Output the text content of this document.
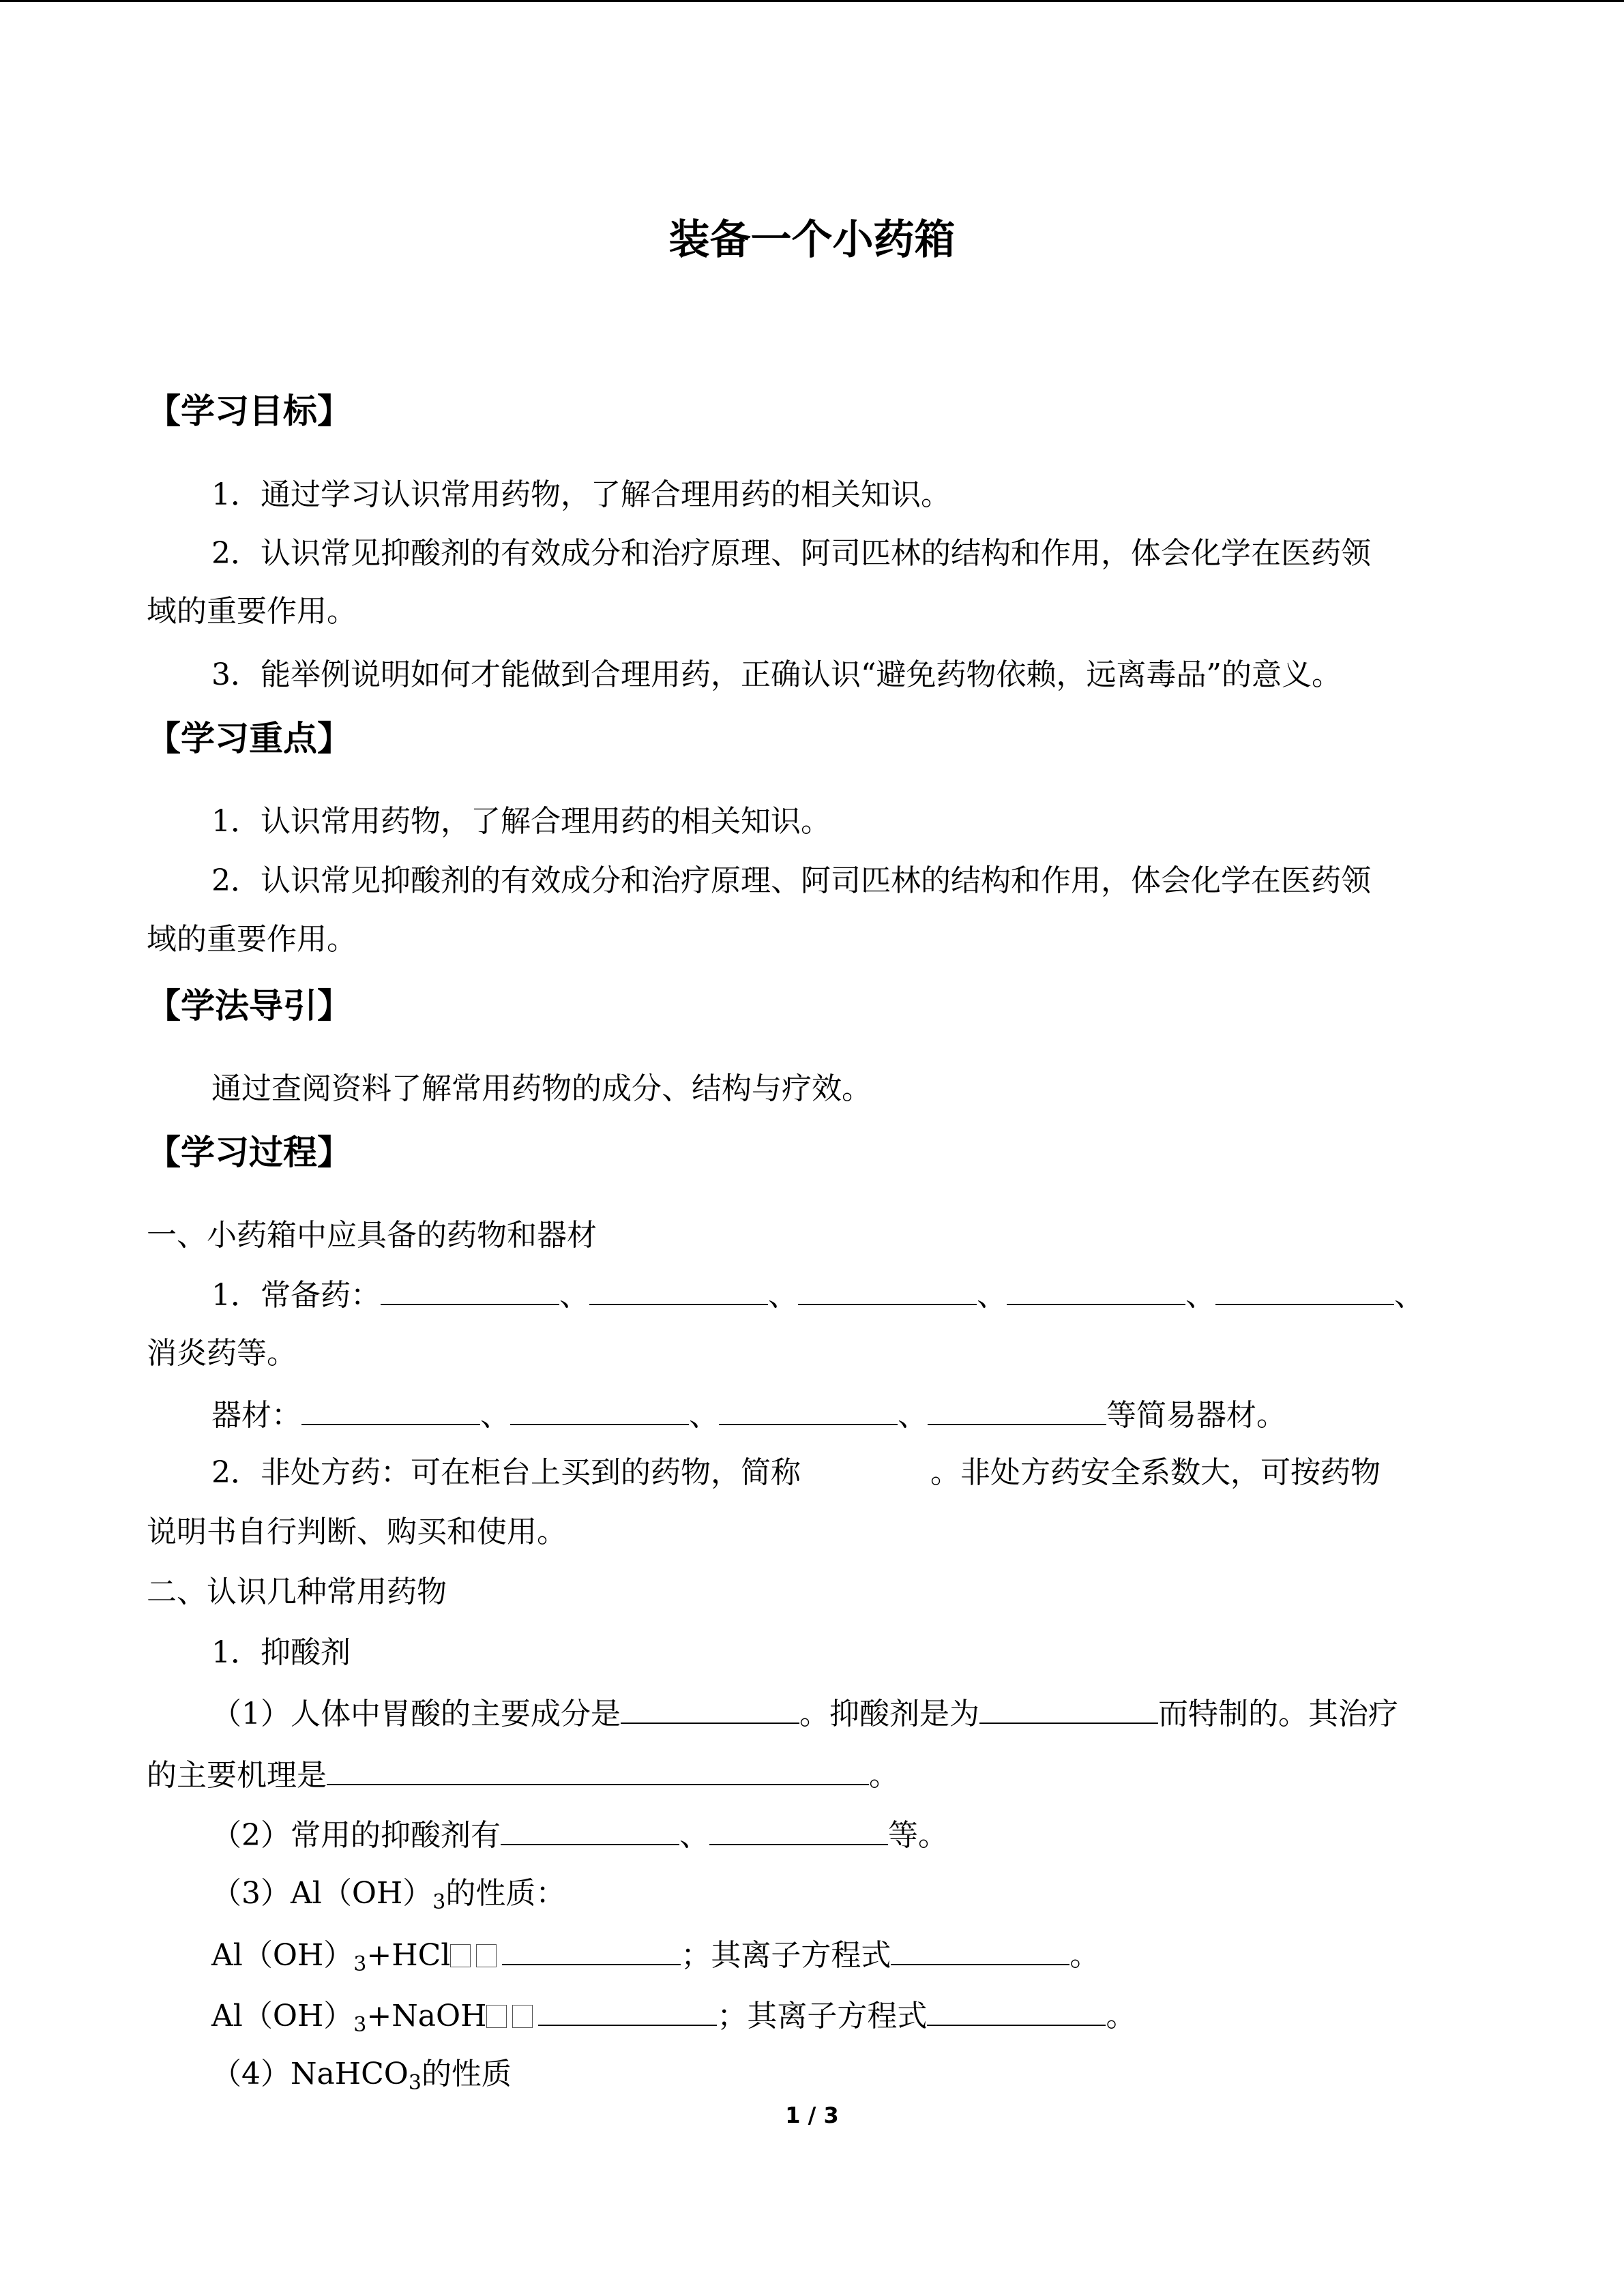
装备一个小药箱
【学习目标】
1．通过学习认识常用药物，了解合理用药的相关知识。
2．认识常见抑酸剂的有效成分和治疗原理、阿司匹林的结构和作用，体会化学在医药领
域的重要作用。
3．能举例说明如何才能做到合理用药，正确认识“避免药物依赖，远离毒品”的意义。
【学习重点】
1．认识常用药物，了解合理用药的相关知识。
2．认识常见抑酸剂的有效成分和治疗原理、阿司匹林的结构和作用，体会化学在医药领
域的重要作用。
【学法导引】
通过查阅资料了解常用药物的成分、结构与疗效。
【学习过程】
一、小药箱中应具备的药物和器材
1．常备药：	、	、	、	、	、
消炎药等。
器材：	、	、	、	等简易器材。
2．非处方药：可在柜台上买到的药物，简称	。非处方药安全系数大，可按药物
说明书自行判断、购买和使用。
二、认识几种常用药物
1．抑酸剂
（1）人体中胃酸的主要成分是	。抑酸剂是为	而特制的。其治疗
的主要机理是	。
（2）常用的抑酸剂有	、	等。
$(3)Al(OH)_3$的性质：
$Al(OH)_3+HCl$	；其离子方程式	。
$Al(OH)_3+NaOH$	；其离子方程式	。
（4）NaHCO$_3$的性质
1 / 3
